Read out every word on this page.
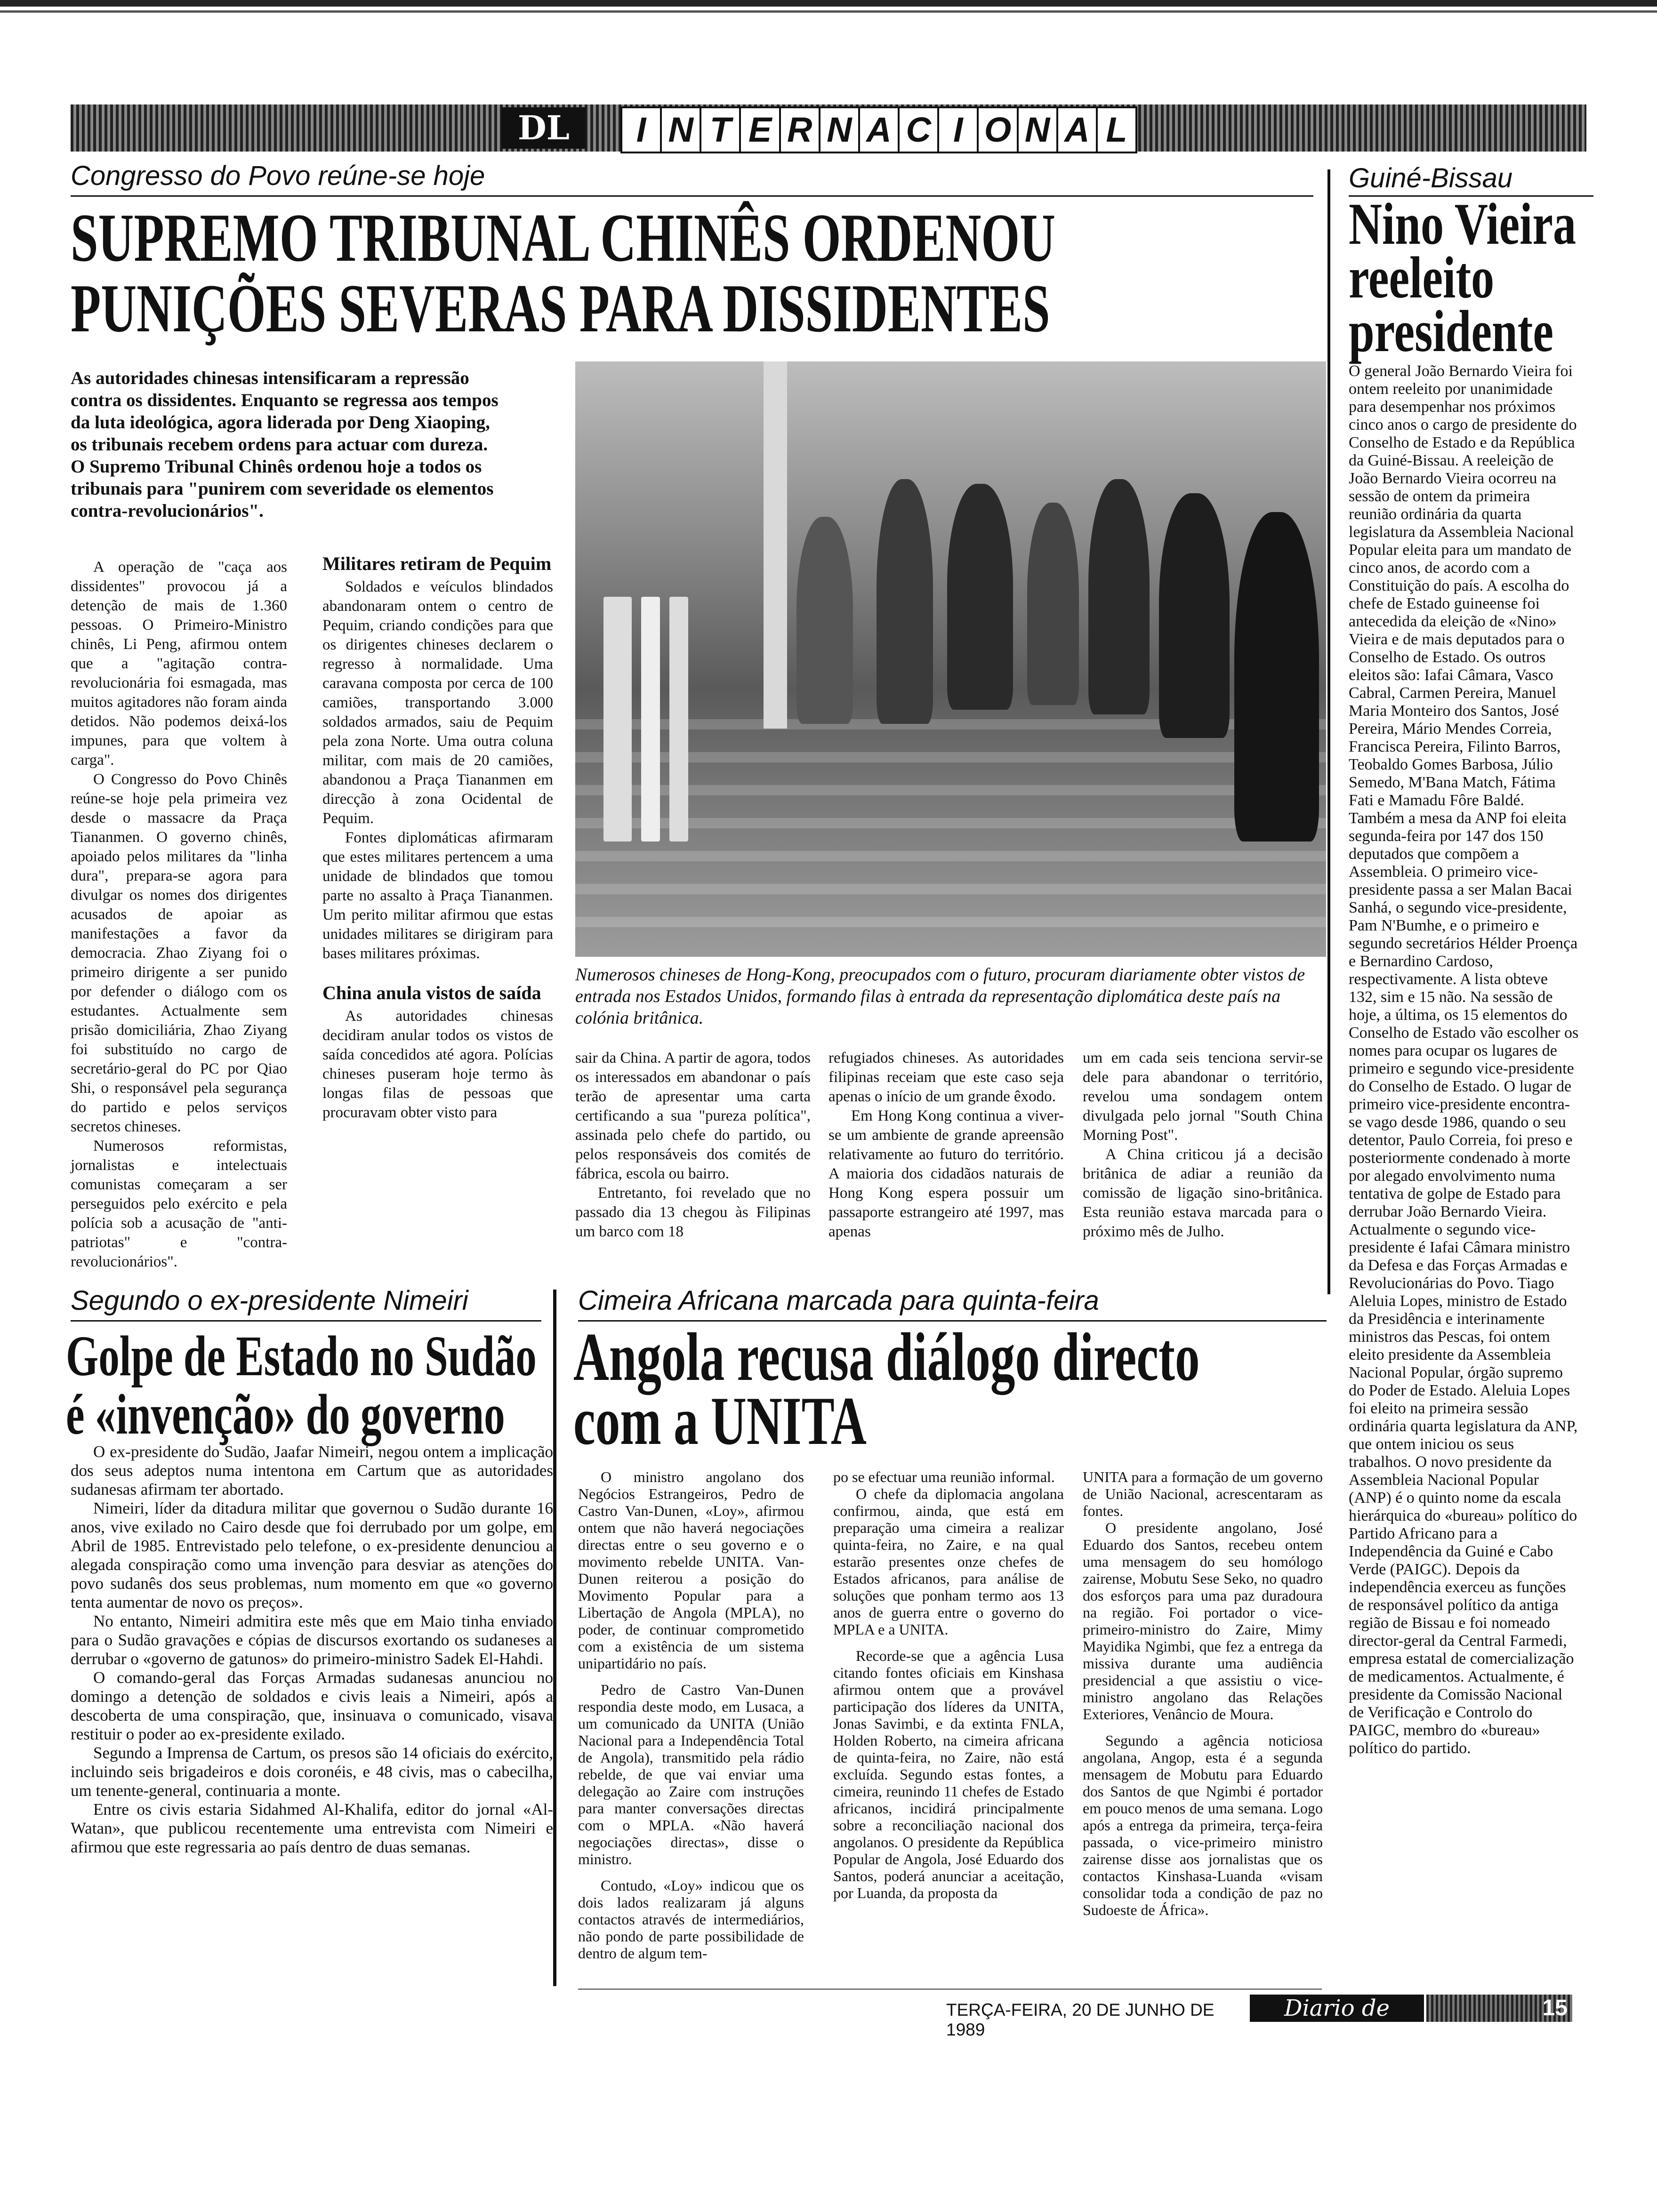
DL	I N T E R N A C I O N A L
Congresso do Povo reúne-se hoje
SUPREMO TRIBUNAL CHINÊS ORDENOU
PUNIÇÕES SEVERAS PARA DISSIDENTES
As autoridades chinesas intensificaram a repressão contra os dissidentes. Enquanto se regressa aos tempos da luta ideológica, agora liderada por Deng Xiaoping, os tribunais recebem ordens para actuar com dureza. O Supremo Tribunal Chinês ordenou hoje a todos os tribunais para "punirem com severidade os elementos contra-revolucionários".

A operação de "caça aos dissidentes" provocou já a detenção de mais de 1.360 pessoas. O Primeiro-Ministro chinês, Li Peng, afirmou ontem que a "agitação contra-revolucionária foi esmagada, mas muitos agitadores não foram ainda detidos. Não podemos deixá-los impunes, para que voltem à carga".

O Congresso do Povo Chinês reúne-se hoje pela primeira vez desde o massacre da Praça Tiananmen. O governo chinês, apoiado pelos militares da "linha dura", prepara-se agora para divulgar os nomes dos dirigentes acusados de apoiar as manifestações a favor da democracia. Zhao Ziyang foi o primeiro dirigente a ser punido por defender o diálogo com os estudantes. Actualmente sem prisão domiciliária, Zhao Ziyang foi substituído no cargo de secretário-geral do PC por Qiao Shi, o responsável pela segurança do partido e pelos serviços secretos chineses.

Numerosos reformistas, jornalistas e intelectuais comunistas começaram a ser perseguidos pelo exército e pela polícia sob a acusação de "anti-patriotas" e "contra-revolucionários".

Militares retiram de Pequim

Soldados e veículos blindados abandonaram ontem o centro de Pequim, criando condições para que os dirigentes chineses declarem o regresso à normalidade. Uma caravana composta por cerca de 100 camiões, transportando 3.000 soldados armados, saiu de Pequim pela zona Norte. Uma outra coluna militar, com mais de 20 camiões, abandonou a Praça Tiananmen em direcção à zona Ocidental de Pequim.

Fontes diplomáticas afirmaram que estes militares pertencem a uma unidade de blindados que tomou parte no assalto à Praça Tiananmen. Um perito militar afirmou que estas unidades militares se dirigiram para bases militares próximas.

China anula vistos de saída

As autoridades chinesas decidiram anular todos os vistos de saída concedidos até agora. Polícias chineses puseram hoje termo às longas filas de pessoas que procuravam obter visto para

Numerosos chineses de Hong-Kong, preocupados com o futuro, procuram diariamente obter vistos de entrada nos Estados Unidos, formando filas à entrada da representação diplomática deste país na colónia britânica.

sair da China. A partir de agora, todos os interessados em abandonar o país terão de apresentar uma carta certificando a sua "pureza política", assinada pelo chefe do partido, ou pelos responsáveis dos comités de fábrica, escola ou bairro.

Entretanto, foi revelado que no passado dia 13 chegou às Filipinas um barco com 18

refugiados chineses. As autoridades filipinas receiam que este caso seja apenas o início de um grande êxodo.

Em Hong Kong continua a viver-se um ambiente de grande apreensão relativamente ao futuro do território. A maioria dos cidadãos naturais de Hong Kong espera possuir um passaporte estrangeiro até 1997, mas apenas

um em cada seis tenciona servir-se dele para abandonar o território, revelou uma sondagem ontem divulgada pelo jornal "South China Morning Post".

A China criticou já a decisão britânica de adiar a reunião da comissão de ligação sino-britânica. Esta reunião estava marcada para o próximo mês de Julho.

Guiné-Bissau
Nino Vieira
reeleito
presidente
O general João Bernardo Vieira foi ontem reeleito por unanimidade para desempenhar nos próximos cinco anos o cargo de presidente do Conselho de Estado e da República da Guiné-Bissau. A reeleição de João Bernardo Vieira ocorreu na sessão de ontem da primeira reunião ordinária da quarta legislatura da Assembleia Nacional Popular eleita para um mandato de cinco anos, de acordo com a Constituição do país. A escolha do chefe de Estado guineense foi antecedida da eleição de «Nino» Vieira e de mais deputados para o Conselho de Estado. Os outros eleitos são: Iafai Câmara, Vasco Cabral, Carmen Pereira, Manuel Maria Monteiro dos Santos, José Pereira, Mário Mendes Correia, Francisca Pereira, Filinto Barros, Teobaldo Gomes Barbosa, Júlio Semedo, M'Bana Match, Fátima Fati e Mamadu Fôre Baldé. Também a mesa da ANP foi eleita segunda-feira por 147 dos 150 deputados que compõem a Assembleia. O primeiro vice-presidente passa a ser Malan Bacai Sanhá, o segundo vice-presidente, Pam N'Bumhe, e o primeiro e segundo secretários Hélder Proença e Bernardino Cardoso, respectivamente. A lista obteve 132, sim e 15 não. Na sessão de hoje, a última, os 15 elementos do Conselho de Estado vão escolher os nomes para ocupar os lugares de primeiro e segundo vice-presidente do Conselho de Estado. O lugar de primeiro vice-presidente encontra-se vago desde 1986, quando o seu detentor, Paulo Correia, foi preso e posteriormente condenado à morte por alegado envolvimento numa tentativa de golpe de Estado para derrubar João Bernardo Vieira. Actualmente o segundo vice-presidente é Iafai Câmara ministro da Defesa e das Forças Armadas e Revolucionárias do Povo. Tiago Aleluia Lopes, ministro de Estado da Presidência e interinamente ministros das Pescas, foi ontem eleito presidente da Assembleia Nacional Popular, órgão supremo do Poder de Estado. Aleluia Lopes foi eleito na primeira sessão ordinária quarta legislatura da ANP, que ontem iniciou os seus trabalhos. O novo presidente da Assembleia Nacional Popular (ANP) é o quinto nome da escala hierárquica do «bureau» político do Partido Africano para a Independência da Guiné e Cabo Verde (PAIGC). Depois da independência exerceu as funções de responsável político da antiga região de Bissau e foi nomeado director-geral da Central Farmedi, empresa estatal de comercialização de medicamentos. Actualmente, é presidente da Comissão Nacional de Verificação e Controlo do PAIGC, membro do «bureau» político do partido.
Segundo o ex-presidente Nimeiri
Golpe de Estado no Sudão
é «invenção» do governo

O ex-presidente do Sudão, Jaafar Nimeiri, negou ontem a implicação dos seus adeptos numa intentona em Cartum que as autoridades sudanesas afirmam ter abortado.

Nimeiri, líder da ditadura militar que governou o Sudão durante 16 anos, vive exilado no Cairo desde que foi derrubado por um golpe, em Abril de 1985. Entrevistado pelo telefone, o ex-presidente denunciou a alegada conspiração como uma invenção para desviar as atenções do povo sudanês dos seus problemas, num momento em que «o governo tenta aumentar de novo os preços».

No entanto, Nimeiri admitira este mês que em Maio tinha enviado para o Sudão gravações e cópias de discursos exortando os sudaneses a derrubar o «governo de gatunos» do primeiro-ministro Sadek El-Hahdi.

O comando-geral das Forças Armadas sudanesas anunciou no domingo a detenção de soldados e civis leais a Nimeiri, após a descoberta de uma conspiração, que, insinuava o comunicado, visava restituir o poder ao ex-presidente exilado.

Segundo a Imprensa de Cartum, os presos são 14 oficiais do exército, incluindo seis brigadeiros e dois coronéis, e 48 civis, mas o cabecilha, um tenente-general, continuaria a monte.

Entre os civis estaria Sidahmed Al-Khalifa, editor do jornal «Al-Watan», que publicou recentemente uma entrevista com Nimeiri e afirmou que este regressaria ao país dentro de duas semanas.

Cimeira Africana marcada para quinta-feira
Angola recusa diálogo directo
com a UNITA

O ministro angolano dos Negócios Estrangeiros, Pedro de Castro Van-Dunen, «Loy», afirmou ontem que não haverá negociações directas entre o seu governo e o movimento rebelde UNITA. Van-Dunen reiterou a posição do Movimento Popular para a Libertação de Angola (MPLA), no poder, de continuar comprometido com a existência de um sistema unipartidário no país.

Pedro de Castro Van-Dunen respondia deste modo, em Lusaca, a um comunicado da UNITA (União Nacional para a Independência Total de Angola), transmitido pela rádio rebelde, de que vai enviar uma delegação ao Zaire com instruções para manter conversações directas com o MPLA. «Não haverá negociações directas», disse o ministro.

Contudo, «Loy» indicou que os dois lados realizaram já alguns contactos através de intermediários, não pondo de parte possibilidade de dentro de algum tem-

po se efectuar uma reunião informal.

O chefe da diplomacia angolana confirmou, ainda, que está em preparação uma cimeira a realizar quinta-feira, no Zaire, e na qual estarão presentes onze chefes de Estados africanos, para análise de soluções que ponham termo aos 13 anos de guerra entre o governo do MPLA e a UNITA.

Recorde-se que a agência Lusa citando fontes oficiais em Kinshasa afirmou ontem que a provável participação dos líderes da UNITA, Jonas Savimbi, e da extinta FNLA, Holden Roberto, na cimeira africana de quinta-feira, no Zaire, não está excluída. Segundo estas fontes, a cimeira, reunindo 11 chefes de Estado africanos, incidirá principalmente sobre a reconciliação nacional dos angolanos. O presidente da República Popular de Angola, José Eduardo dos Santos, poderá anunciar a aceitação, por Luanda, da proposta da

UNITA para a formação de um governo de União Nacional, acrescentaram as fontes.

O presidente angolano, José Eduardo dos Santos, recebeu ontem uma mensagem do seu homólogo zairense, Mobutu Sese Seko, no quadro dos esforços para uma paz duradoura na região. Foi portador o vice-primeiro-ministro do Zaire, Mimy Mayidika Ngimbi, que fez a entrega da missiva durante uma audiência presidencial a que assistiu o vice-ministro angolano das Relações Exteriores, Venâncio de Moura.

Segundo a agência noticiosa angolana, Angop, esta é a segunda mensagem de Mobutu para Eduardo dos Santos de que Ngimbi é portador em pouco menos de uma semana. Logo após a entrega da primeira, terça-feira passada, o vice-primeiro ministro zairense disse aos jornalistas que os contactos Kinshasa-Luanda «visam consolidar toda a condição de paz no Sudoeste de África».

TERÇA-FEIRA, 20 DE JUNHO DE 1989
Diario de Lisboa
15
